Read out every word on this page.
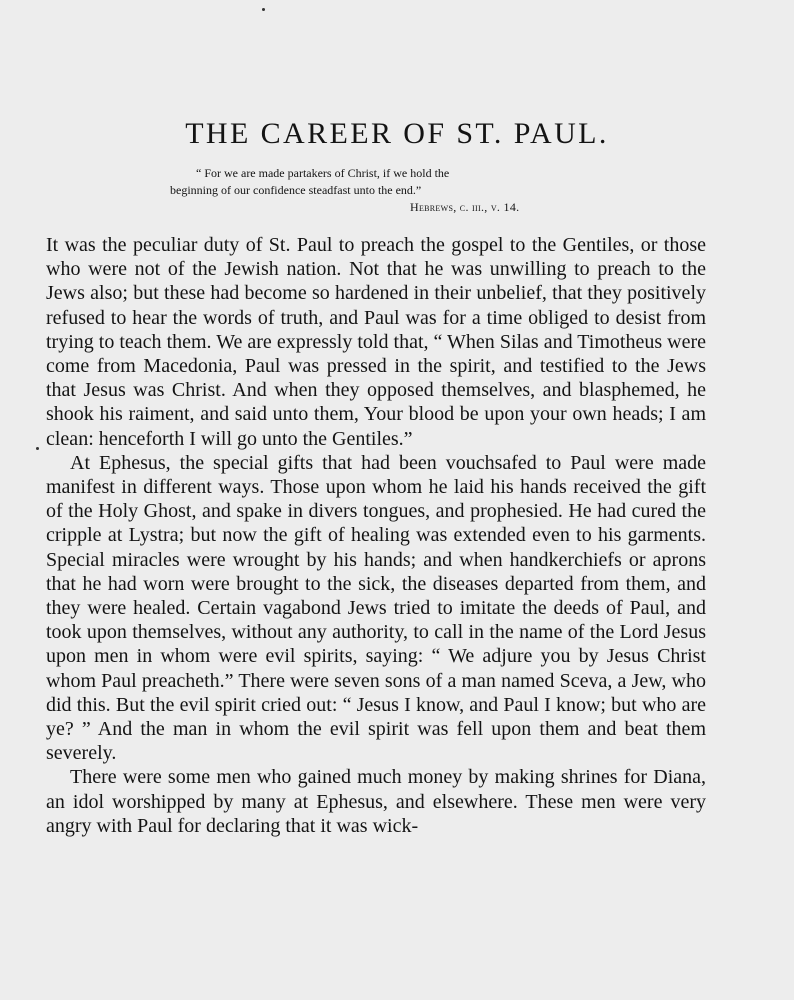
THE CAREER OF ST. PAUL.
“ For we are made partakers of Christ, if we hold the
beginning of our confidence steadfast unto the end.”
Hebrews, c. iii., v. 14.

It was the peculiar duty of St. Paul to preach the gospel to the Gentiles, or those who were not of the Jewish nation. Not that he was unwilling to preach to the Jews also; but these had become so hardened in their unbelief, that they positively refused to hear the words of truth, and Paul was for a time obliged to desist from trying to teach them. We are expressly told that, “ When Silas and Timotheus were come from Macedonia, Paul was pressed in the spirit, and testified to the Jews that Jesus was Christ. And when they opposed themselves, and blasphemed, he shook his raiment, and said unto them, Your blood be upon your own heads; I am clean: henceforth I will go unto the Gentiles.”

At Ephesus, the special gifts that had been vouchsafed to Paul were made manifest in different ways. Those upon whom he laid his hands received the gift of the Holy Ghost, and spake in divers tongues, and prophesied. He had cured the cripple at Lystra; but now the gift of healing was extended even to his garments. Special miracles were wrought by his hands; and when handkerchiefs or aprons that he had worn were brought to the sick, the diseases departed from them, and they were healed. Certain vagabond Jews tried to imitate the deeds of Paul, and took upon themselves, without any authority, to call in the name of the Lord Jesus upon men in whom were evil spirits, saying: “ We adjure you by Jesus Christ whom Paul preacheth.” There were seven sons of a man named Sceva, a Jew, who did this. But the evil spirit cried out: “ Jesus I know, and Paul I know; but who are ye? ” And the man in whom the evil spirit was fell upon them and beat them severely.

There were some men who gained much money by making shrines for Diana, an idol worshipped by many at Ephesus, and elsewhere. These men were very angry with Paul for declaring that it was wick-
